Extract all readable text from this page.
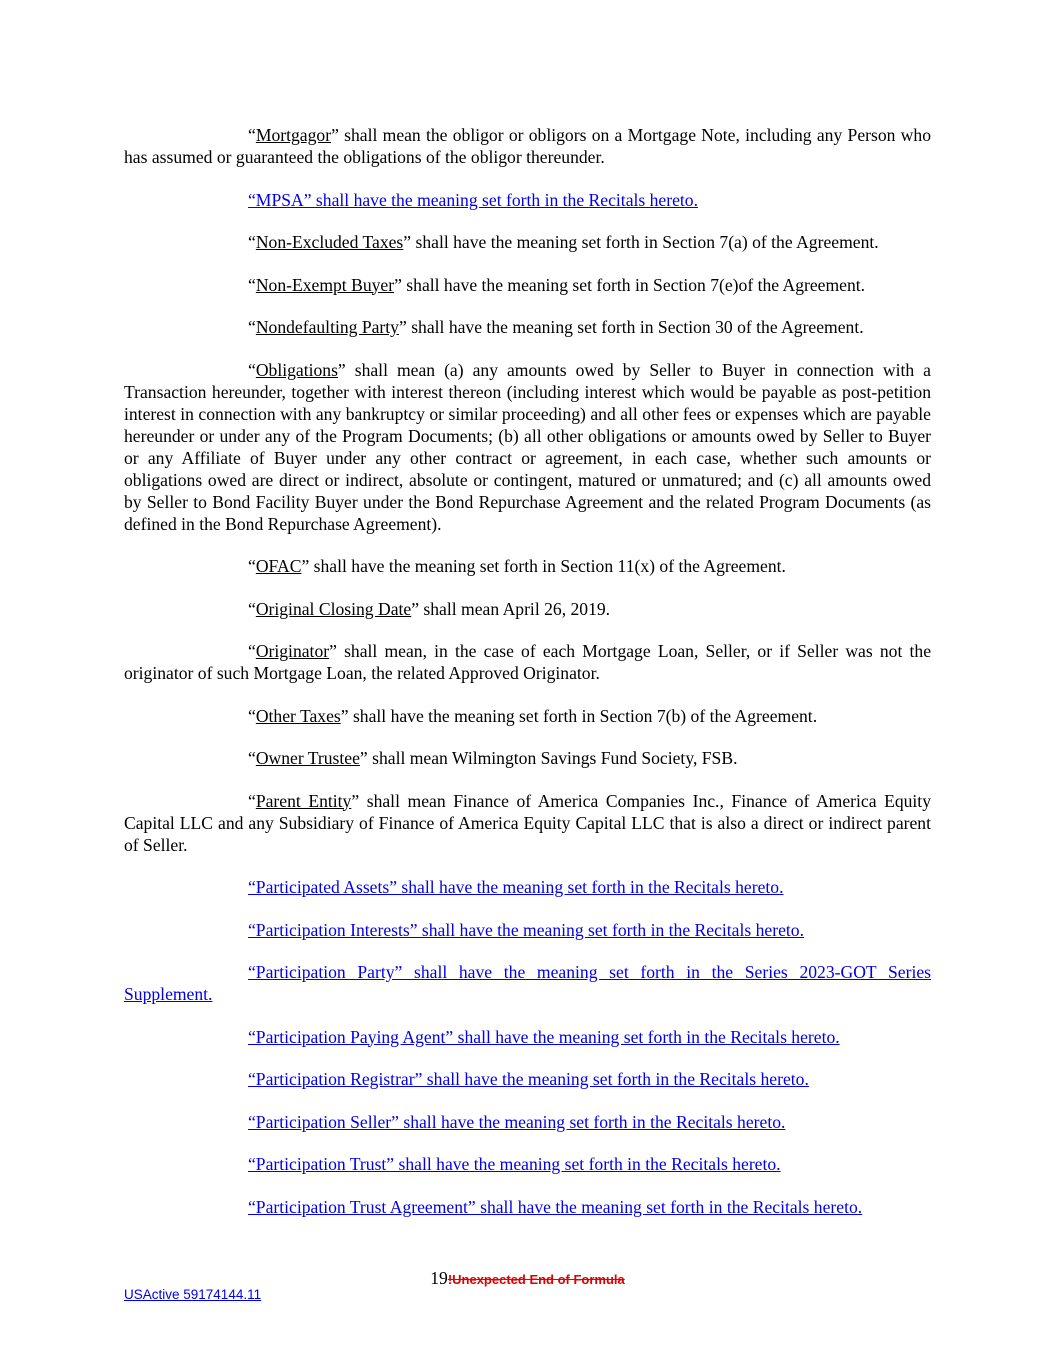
“Mortgagor” shall mean the obligor or obligors on a Mortgage Note, including any Person who has assumed or guaranteed the obligations of the obligor thereunder.

“MPSA” shall have the meaning set forth in the Recitals hereto.

“Non-Excluded Taxes” shall have the meaning set forth in Section 7(a) of the Agreement.

“Non-Exempt Buyer” shall have the meaning set forth in Section 7(e)of the Agreement.

“Nondefaulting Party” shall have the meaning set forth in Section 30 of the Agreement.

“Obligations” shall mean (a) any amounts owed by Seller to Buyer in connection with a Transaction hereunder, together with interest thereon (including interest which would be payable as post-petition interest in connection with any bankruptcy or similar proceeding) and all other fees or expenses which are payable hereunder or under any of the Program Documents; (b) all other obligations or amounts owed by Seller to Buyer or any Affiliate of Buyer under any other contract or agreement, in each case, whether such amounts or obligations owed are direct or indirect, absolute or contingent, matured or unmatured; and (c) all amounts owed by Seller to Bond Facility Buyer under the Bond Repurchase Agreement and the related Program Documents (as defined in the Bond Repurchase Agreement).

“OFAC” shall have the meaning set forth in Section 11(x) of the Agreement.

“Original Closing Date” shall mean April 26, 2019.

“Originator” shall mean, in the case of each Mortgage Loan, Seller, or if Seller was not the originator of such Mortgage Loan, the related Approved Originator.

“Other Taxes” shall have the meaning set forth in Section 7(b) of the Agreement.

“Owner Trustee” shall mean Wilmington Savings Fund Society, FSB.

“Parent Entity” shall mean Finance of America Companies Inc., Finance of America Equity Capital LLC and any Subsidiary of Finance of America Equity Capital LLC that is also a direct or indirect parent of Seller.

“Participated Assets” shall have the meaning set forth in the Recitals hereto.

“Participation Interests” shall have the meaning set forth in the Recitals hereto.

“Participation Party” shall have the meaning set forth in the Series 2023-GOT Series Supplement.

“Participation Paying Agent” shall have the meaning set forth in the Recitals hereto.

“Participation Registrar” shall have the meaning set forth in the Recitals hereto.

“Participation Seller” shall have the meaning set forth in the Recitals hereto.

“Participation Trust” shall have the meaning set forth in the Recitals hereto.

“Participation Trust Agreement” shall have the meaning set forth in the Recitals hereto.

19!Unexpected End of Formula
USActive 59174144.11
